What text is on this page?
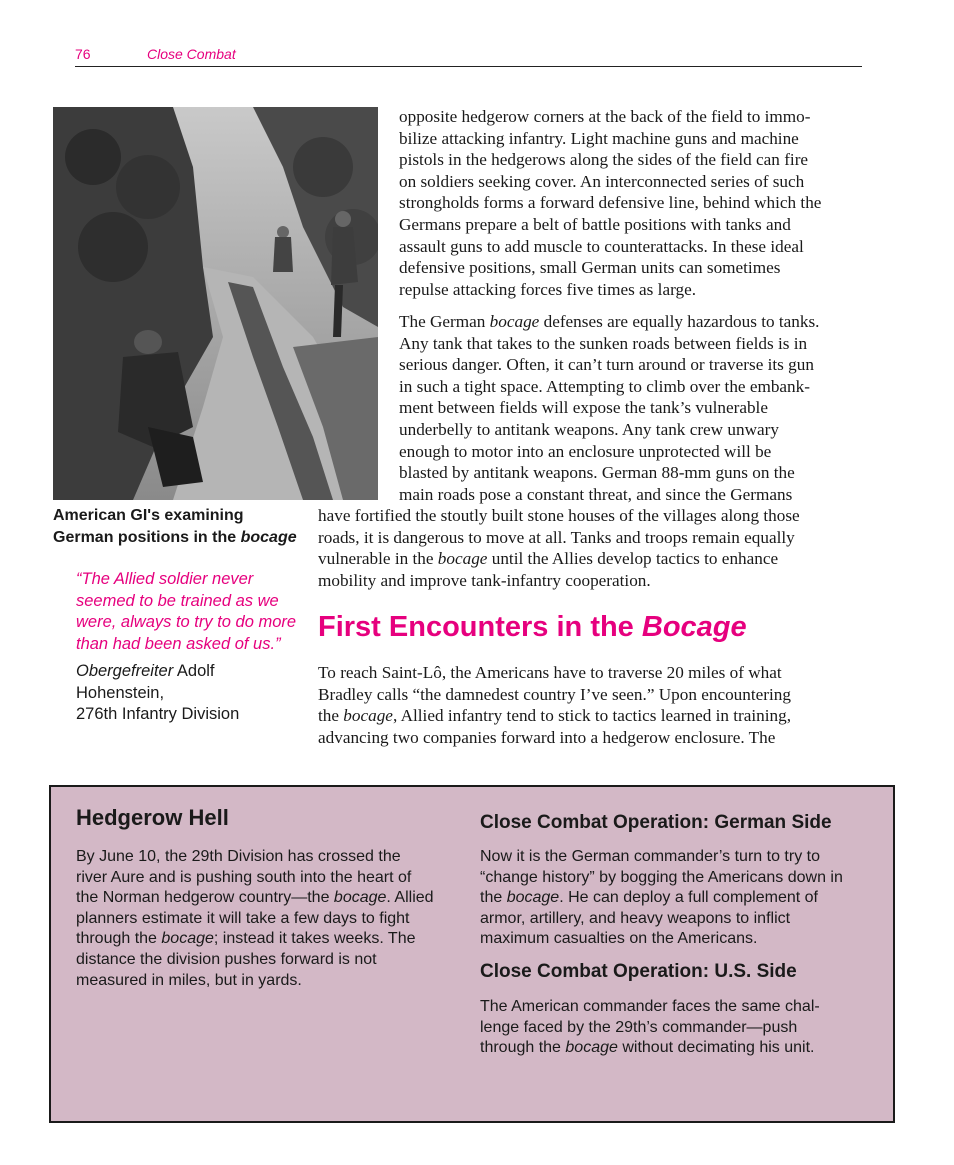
76	Close Combat
American GI's examining German positions in the bocage
“The Allied soldier never
seemed to be trained as we
were, always to try to do more
than had been asked of us.”
Obergefreiter Adolf Hohenstein,
276th Infantry Division
opposite hedgerow corners at the back of the field to immo-
bilize attacking infantry. Light machine guns and machine
pistols in the hedgerows along the sides of the field can fire
on soldiers seeking cover. An interconnected series of such
strongholds forms a forward defensive line, behind which the
Germans prepare a belt of battle positions with tanks and
assault guns to add muscle to counterattacks. In these ideal
defensive positions, small German units can sometimes
repulse attacking forces five times as large.
The German bocage defenses are equally hazardous to tanks.
Any tank that takes to the sunken roads between fields is in
serious danger. Often, it can’t turn around or traverse its gun
in such a tight space. Attempting to climb over the embank-
ment between fields will expose the tank’s vulnerable
underbelly to antitank weapons. Any tank crew unwary
enough to motor into an enclosure unprotected will be
blasted by antitank weapons. German 88-mm guns on the
main roads pose a constant threat, and since the Germans
have fortified the stoutly built stone houses of the villages along those
roads, it is dangerous to move at all. Tanks and troops remain equally
vulnerable in the bocage until the Allies develop tactics to enhance
mobility and improve tank-infantry cooperation.
First Encounters in the Bocage
To reach Saint-Lô, the Americans have to traverse 20 miles of what
Bradley calls “the damnedest country I’ve seen.” Upon encountering
the bocage, Allied infantry tend to stick to tactics learned in training,
advancing two companies forward into a hedgerow enclosure. The
Hedgerow Hell
By June 10, the 29th Division has crossed the
river Aure and is pushing south into the heart of
the Norman hedgerow country—the bocage. Allied
planners estimate it will take a few days to fight
through the bocage; instead it takes weeks. The
distance the division pushes forward is not
measured in miles, but in yards.
Close Combat Operation: German Side
Now it is the German commander’s turn to try to
“change history” by bogging the Americans down in
the bocage. He can deploy a full complement of
armor, artillery, and heavy weapons to inflict
maximum casualties on the Americans.
Close Combat Operation: U.S. Side
The American commander faces the same chal-
lenge faced by the 29th’s commander—push
through the bocage without decimating his unit.
